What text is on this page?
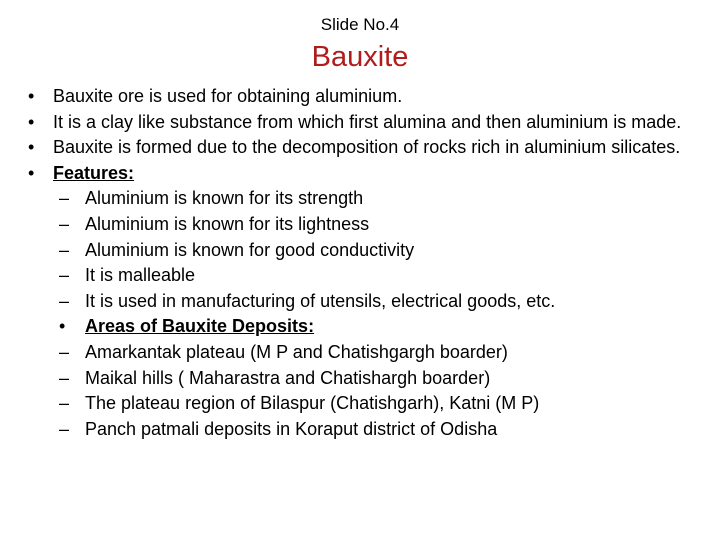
Slide No.4
Bauxite
• Bauxite ore is used for obtaining aluminium.
• It is a clay like substance from which first alumina and then aluminium is made.
• Bauxite is formed due to the decomposition of rocks rich in aluminium silicates.
• Features:
– Aluminium is known for its strength
– Aluminium is known for its lightness
– Aluminium is known for good conductivity
– It is malleable
– It is used in manufacturing of utensils, electrical goods, etc.
• Areas of Bauxite Deposits:
– Amarkantak plateau (M P and Chatishgargh boarder)
– Maikal hills ( Maharastra and Chatishargh boarder)
– The plateau region of Bilaspur (Chatishgarh), Katni (M P)
– Panch patmali deposits in Koraput district of Odisha
